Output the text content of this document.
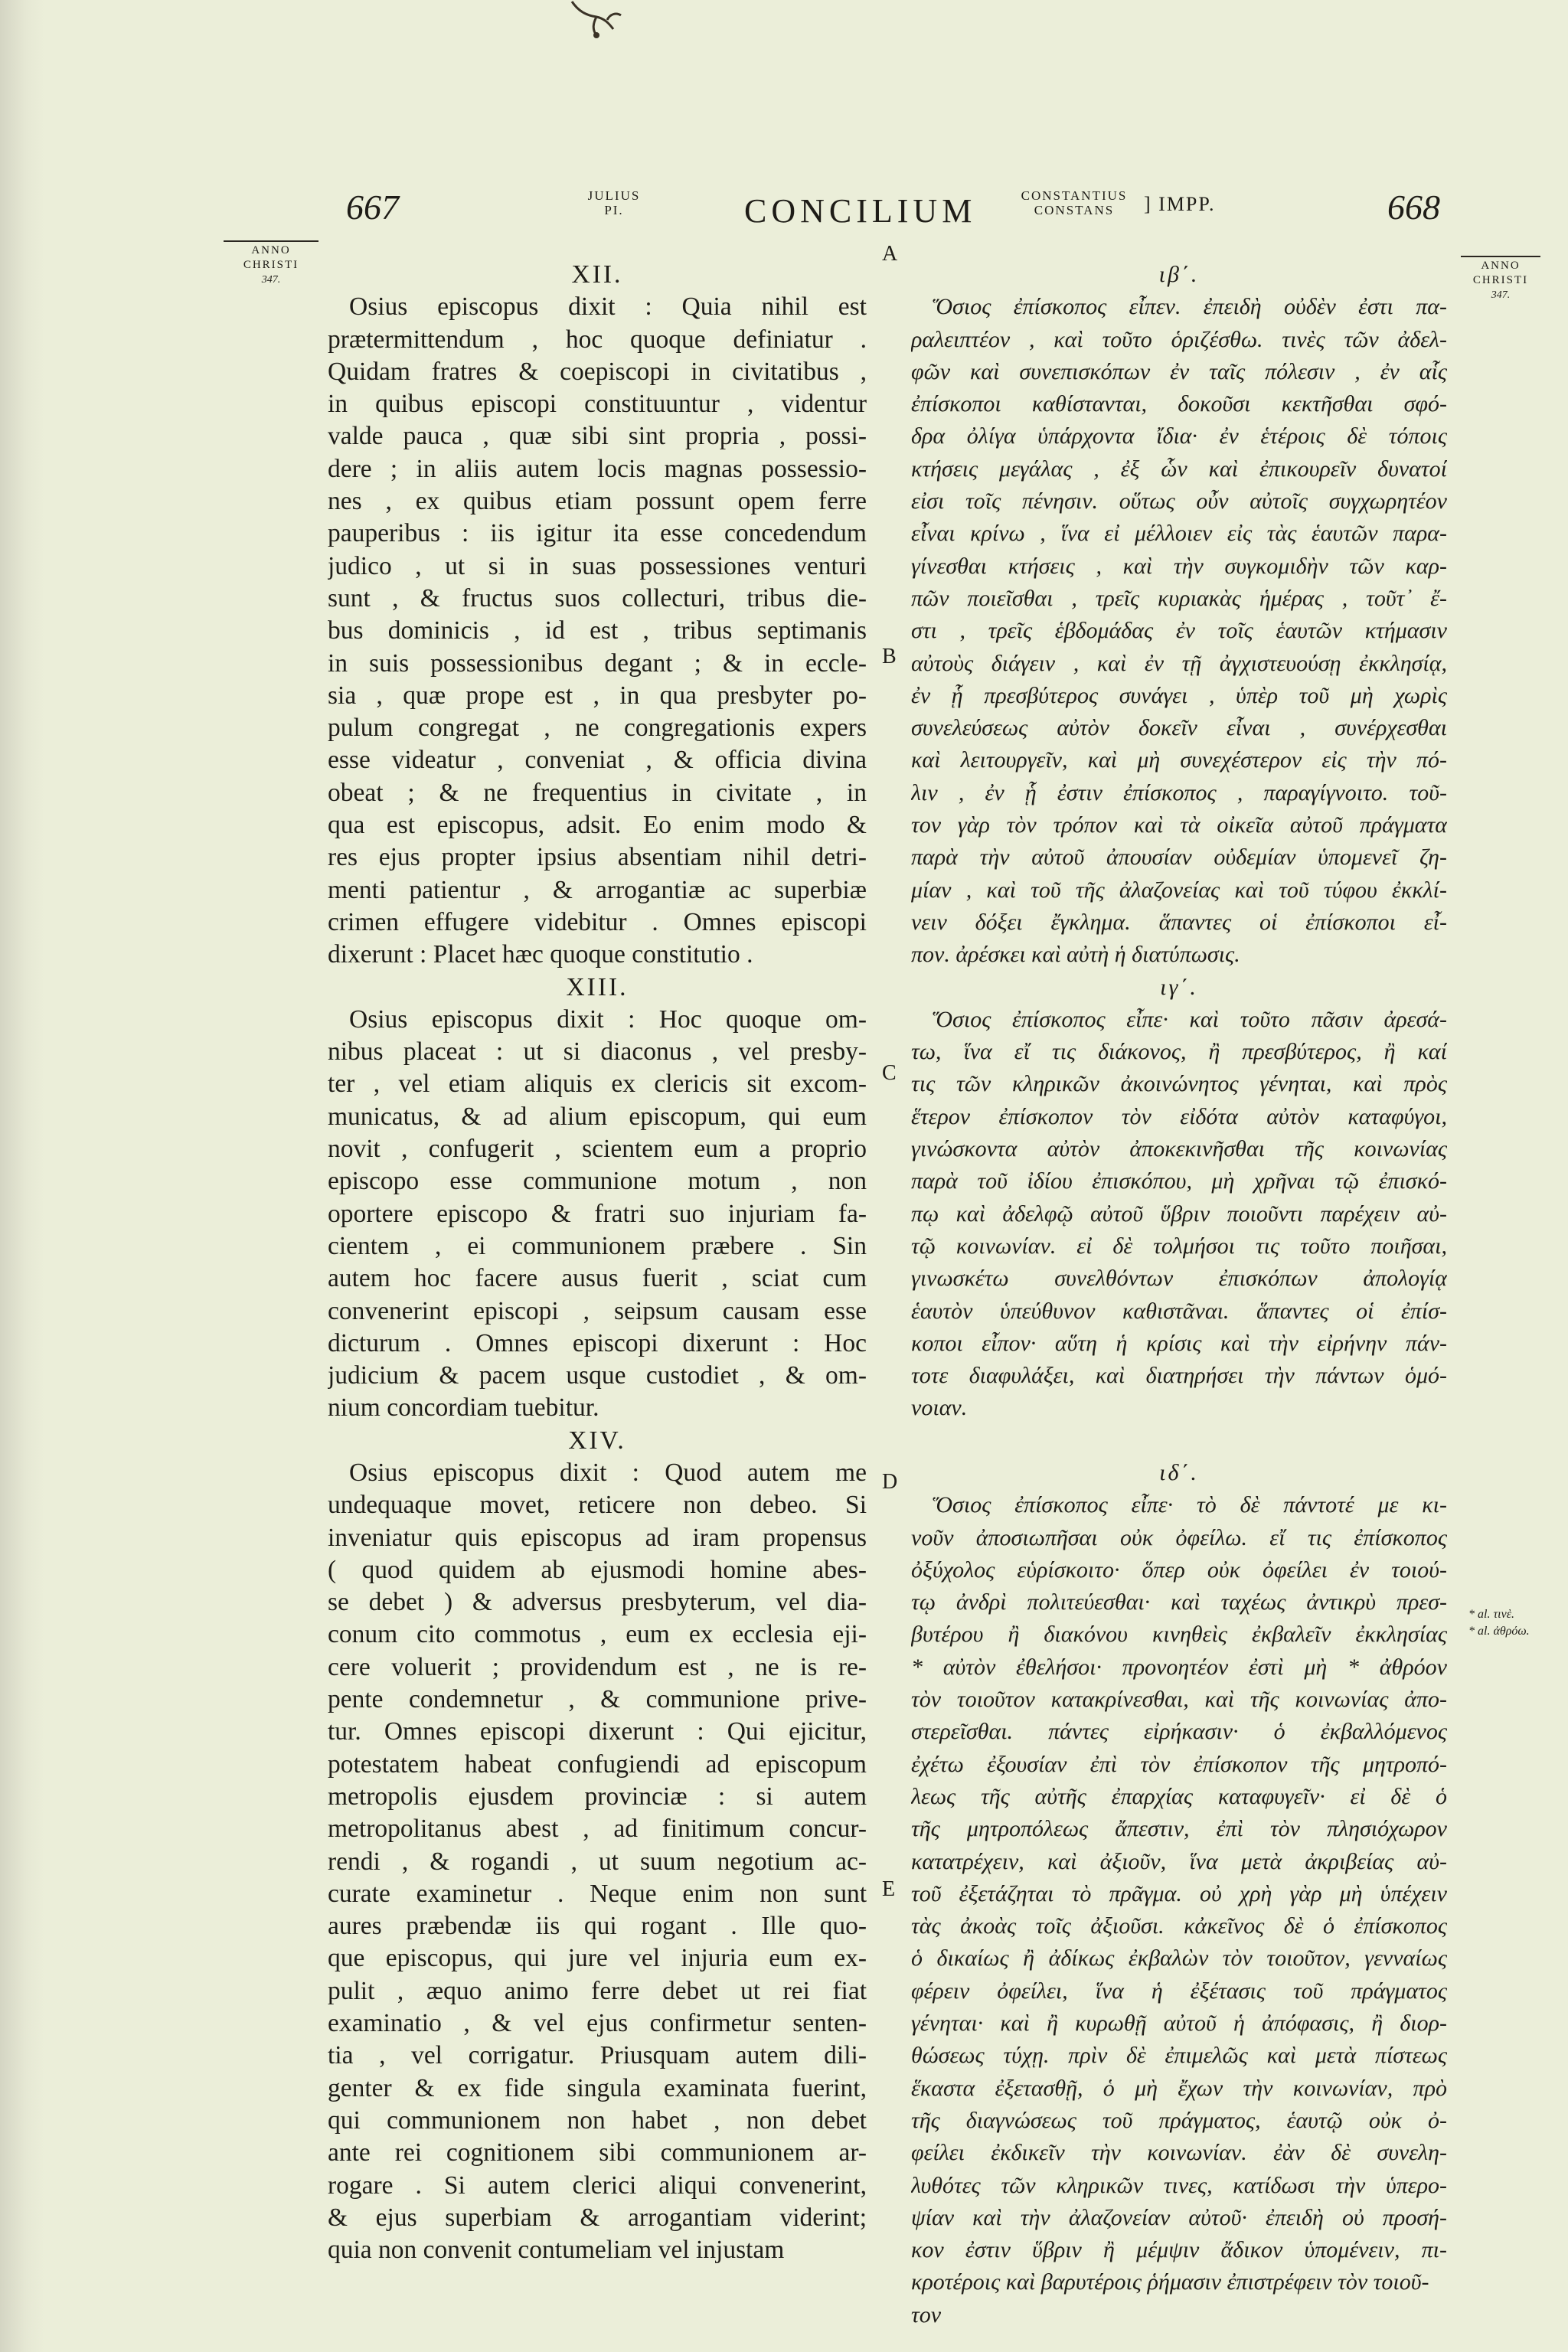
667	JULIUS
PI.	CONCILIUM	CONSTANTIUS
CONSTANS	] IMPP.	668
ANNO
CHRISTI
347.
ANNO
CHRISTI
347.
A
B
C
D
E
* al. τινὲ.
* al. ἀθρόω.
XII.
Osius episcopus dixit : Quia nihil est
prætermittendum , hoc quoque definiatur .
Quidam fratres & coepiscopi in civitatibus ,
in quibus episcopi constituuntur , videntur
valde pauca , quæ sibi sint propria , possi-
dere ; in aliis autem locis magnas possessio-
nes , ex quibus etiam possunt opem ferre
pauperibus : iis igitur ita esse concedendum
judico , ut si in suas possessiones venturi
sunt , & fructus suos collecturi, tribus die-
bus dominicis , id est , tribus septimanis
in suis possessionibus degant ; & in eccle-
sia , quæ prope est , in qua presbyter po-
pulum congregat , ne congregationis expers
esse videatur , conveniat , & officia divina
obeat ; & ne frequentius in civitate , in
qua est episcopus, adsit. Eo enim modo &
res ejus propter ipsius absentiam nihil detri-
menti patientur , & arrogantiæ ac superbiæ
crimen effugere videbitur . Omnes episcopi
dixerunt : Placet hæc quoque constitutio .
XIII.
Osius episcopus dixit : Hoc quoque om-
nibus placeat : ut si diaconus , vel presby-
ter , vel etiam aliquis ex clericis sit excom-
municatus, & ad alium episcopum, qui eum
novit , confugerit , scientem eum a proprio
episcopo esse communione motum , non
oportere episcopo & fratri suo injuriam fa-
cientem , ei communionem præbere . Sin
autem hoc facere ausus fuerit , sciat cum
convenerint episcopi , seipsum causam esse
dicturum . Omnes episcopi dixerunt : Hoc
judicium & pacem usque custodiet , & om-
nium concordiam tuebitur.
XIV.
Osius episcopus dixit : Quod autem me
undequaque movet, reticere non debeo. Si
inveniatur quis episcopus ad iram propensus
( quod quidem ab ejusmodi homine abes-
se debet ) & adversus presbyterum, vel dia-
conum cito commotus , eum ex ecclesia eji-
cere voluerit ; providendum est , ne is re-
pente condemnetur , & communione prive-
tur. Omnes episcopi dixerunt : Qui ejicitur,
potestatem habeat confugiendi ad episcopum
metropolis ejusdem provinciæ : si autem
metropolitanus abest , ad finitimum concur-
rendi , & rogandi , ut suum negotium ac-
curate examinetur . Neque enim non sunt
aures præbendæ iis qui rogant . Ille quo-
que episcopus, qui jure vel injuria eum ex-
pulit , æquo animo ferre debet ut rei fiat
examinatio , & vel ejus confirmetur senten-
tia , vel corrigatur. Priusquam autem dili-
genter & ex fide singula examinata fuerint,
qui communionem non habet , non debet
ante rei cognitionem sibi communionem ar-
rogare . Si autem clerici aliqui convenerint,
& ejus superbiam & arrogantiam viderint;
quia non convenit contumeliam vel injustam
ιβ΄.
Ὅσιος ἐπίσκοπος εἶπεν. ἐπειδὴ οὐδὲν ἐστι πα-
ραλειπτέον , καὶ τοῦτο ὁριζέσθω. τινὲς τῶν ἀδελ-
φῶν καὶ συνεπισκόπων ἐν ταῖς πόλεσιν , ἐν αἷς
ἐπίσκοποι καθίστανται, δοκοῦσι κεκτῆσθαι σφό-
δρα ὀλίγα ὑπάρχοντα ἴδια· ἐν ἑτέροις δὲ τόποις
κτήσεις μεγάλας , ἐξ ὧν καὶ ἐπικουρεῖν δυνατοί
εἰσι τοῖς πένησιν. οὕτως οὖν αὐτοῖς συγχωρητέον
εἶναι κρίνω , ἵνα εἰ μέλλοιεν εἰς τὰς ἑαυτῶν παρα-
γίνεσθαι κτήσεις , καὶ τὴν συγκομιδὴν τῶν καρ-
πῶν ποιεῖσθαι , τρεῖς κυριακὰς ἡμέρας , τοῦτ᾽ ἔ-
στι , τρεῖς ἑβδομάδας ἐν τοῖς ἑαυτῶν κτήμασιν
αὐτοὺς διάγειν , καὶ ἐν τῇ ἀγχιστευούσῃ ἐκκλησίᾳ,
ἐν ᾗ πρεσβύτερος συνάγει , ὑπὲρ τοῦ μὴ χωρὶς
συνελεύσεως αὐτὸν δοκεῖν εἶναι , συνέρχεσθαι
καὶ λειτουργεῖν, καὶ μὴ συνεχέστερον εἰς τὴν πό-
λιν , ἐν ᾗ ἐστιν ἐπίσκοπος , παραγίγνοιτο. τοῦ-
τον γὰρ τὸν τρόπον καὶ τὰ οἰκεῖα αὐτοῦ πράγματα
παρὰ τὴν αὐτοῦ ἀπουσίαν οὐδεμίαν ὑπομενεῖ ζη-
μίαν , καὶ τοῦ τῆς ἀλαζονείας καὶ τοῦ τύφου ἐκκλί-
νειν δόξει ἔγκλημα. ἅπαντες οἱ ἐπίσκοποι εἶ-
πον. ἀρέσκει καὶ αὐτὴ ἡ διατύπωσις.
ιγ΄.
Ὅσιος ἐπίσκοπος εἶπε· καὶ τοῦτο πᾶσιν ἀρεσά-
τω, ἵνα εἴ τις διάκονος, ἢ πρεσβύτερος, ἢ καί
τις τῶν κληρικῶν ἀκοινώνητος γένηται, καὶ πρὸς
ἕτερον ἐπίσκοπον τὸν εἰδότα αὐτὸν καταφύγοι,
γινώσκοντα αὐτὸν ἀποκεκινῆσθαι τῆς κοινωνίας
παρὰ τοῦ ἰδίου ἐπισκόπου, μὴ χρῆναι τῷ ἐπισκό-
πῳ καὶ ἀδελφῷ αὐτοῦ ὕβριν ποιοῦντι παρέχειν αὐ-
τῷ κοινωνίαν. εἰ δὲ τολμήσοι τις τοῦτο ποιῆσαι,
γινωσκέτω συνελθόντων ἐπισκόπων ἀπολογίᾳ
ἑαυτὸν ὑπεύθυνον καθιστᾶναι. ἅπαντες οἱ ἐπίσ-
κοποι εἶπον· αὕτη ἡ κρίσις καὶ τὴν εἰρήνην πάν-
τοτε διαφυλάξει, καὶ διατηρήσει τὴν πάντων ὁμό-
νοιαν.
ιδ΄.
Ὅσιος ἐπίσκοπος εἶπε· τὸ δὲ πάντοτέ με κι-
νοῦν ἀποσιωπῆσαι οὐκ ὀφείλω. εἴ τις ἐπίσκοπος
ὀξύχολος εὑρίσκοιτο· ὅπερ οὐκ ὀφείλει ἐν τοιού-
τῳ ἀνδρὶ πολιτεύεσθαι· καὶ ταχέως ἀντικρὺ πρεσ-
βυτέρου ἢ διακόνου κινηθεὶς ἐκβαλεῖν ἐκκλησίας
* αὐτὸν ἐθελήσοι· προνοητέον ἐστὶ μὴ * ἀθρόον
τὸν τοιοῦτον κατακρίνεσθαι, καὶ τῆς κοινωνίας ἀπο-
στερεῖσθαι. πάντες εἰρήκασιν· ὁ ἐκβαλλόμενος
ἐχέτω ἐξουσίαν ἐπὶ τὸν ἐπίσκοπον τῆς μητροπό-
λεως τῆς αὐτῆς ἐπαρχίας καταφυγεῖν· εἰ δὲ ὁ
τῆς μητροπόλεως ἄπεστιν, ἐπὶ τὸν πλησιόχωρον
κατατρέχειν, καὶ ἀξιοῦν, ἵνα μετὰ ἀκριβείας αὐ-
τοῦ ἐξετάζηται τὸ πρᾶγμα. οὐ χρὴ γὰρ μὴ ὑπέχειν
τὰς ἀκοὰς τοῖς ἀξιοῦσι. κἀκεῖνος δὲ ὁ ἐπίσκοπος
ὁ δικαίως ἢ ἀδίκως ἐκβαλὼν τὸν τοιοῦτον, γενναίως
φέρειν ὀφείλει, ἵνα ἡ ἐξέτασις τοῦ πράγματος
γένηται· καὶ ἢ κυρωθῇ αὐτοῦ ἡ ἀπόφασις, ἢ διορ-
θώσεως τύχῃ. πρὶν δὲ ἐπιμελῶς καὶ μετὰ πίστεως
ἕκαστα ἐξετασθῇ, ὁ μὴ ἔχων τὴν κοινωνίαν, πρὸ
τῆς διαγνώσεως τοῦ πράγματος, ἑαυτῷ οὐκ ὀ-
φείλει ἐκδικεῖν τὴν κοινωνίαν. ἐὰν δὲ συνελη-
λυθότες τῶν κληρικῶν τινες, κατίδωσι τὴν ὑπερο-
ψίαν καὶ τὴν ἀλαζονείαν αὐτοῦ· ἐπειδὴ οὐ προσή-
κον ἐστιν ὕβριν ἢ μέμψιν ἄδικον ὑπομένειν, πι-
κροτέροις καὶ βαρυτέροις ῥήμασιν ἐπιστρέφειν τὸν τοιοῦ-
τον
